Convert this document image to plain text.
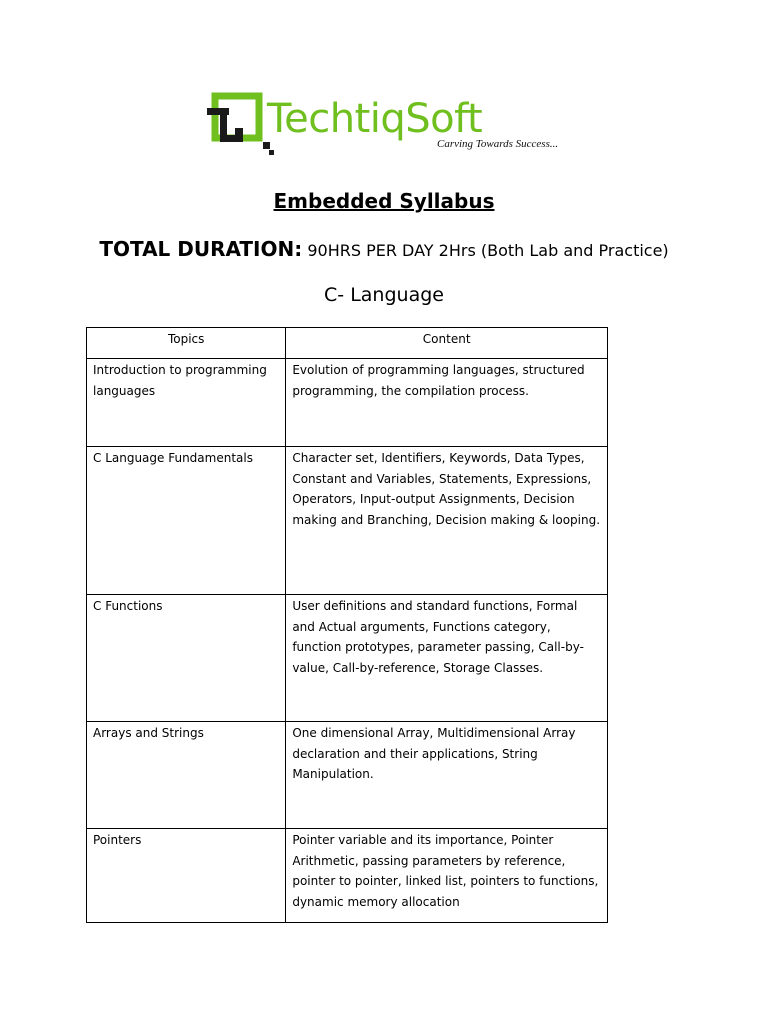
TechtiqSoft
Carving Towards Success...
Embedded Syllabus
TOTAL DURATION: 90HRS PER DAY 2Hrs (Both Lab and Practice)
C- Language
Topics	Content
Introduction to programming languages	Evolution of programming languages, structured programming, the compilation process.
C Language Fundamentals	Character set, Identifiers, Keywords, Data Types, Constant and Variables, Statements, Expressions, Operators, Input-output Assignments, Decision making and Branching, Decision making & looping.
C Functions	User definitions and standard functions, Formal and Actual arguments, Functions category, function prototypes, parameter passing, Call-by-value, Call-by-reference, Storage Classes.
Arrays and Strings	One dimensional Array, Multidimensional Array declaration and their applications, String Manipulation.
Pointers	Pointer variable and its importance, Pointer Arithmetic, passing parameters by reference, pointer to pointer, linked list, pointers to functions, dynamic memory allocation
